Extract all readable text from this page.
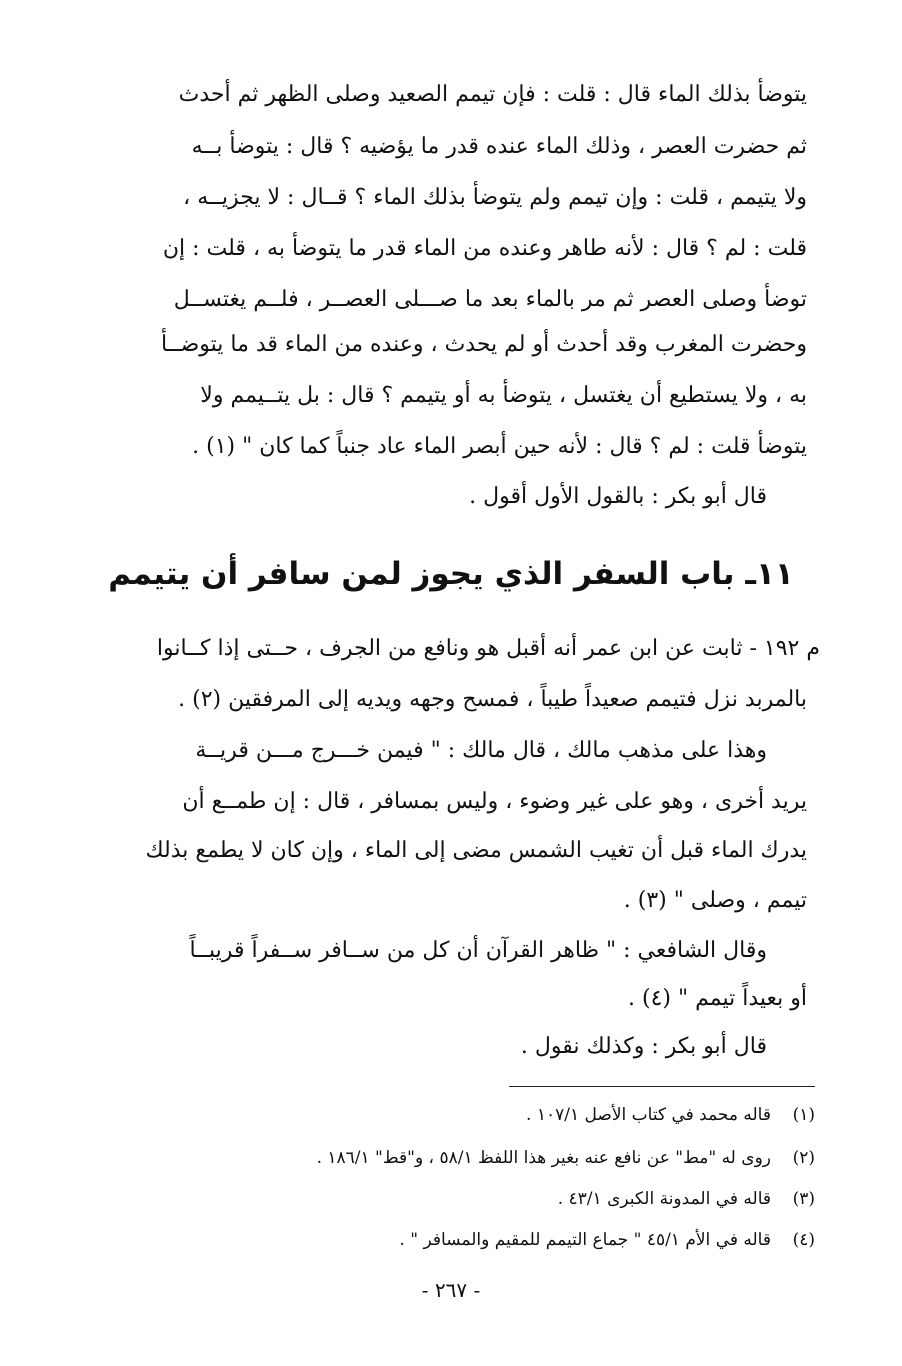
يتوضأ بذلك الماء قال : قلت : فإن تيمم الصعيد وصلى الظهر ثم أحدث
ثم حضرت العصر ، وذلك الماء عنده قدر ما يؤضيه ؟ قال : يتوضأ بــه
ولا يتيمم ، قلت : وإن تيمم ولم يتوضأ بذلك الماء ؟ قــال : لا يجزيــه ،
قلت : لم ؟ قال : لأنه طاهر وعنده من الماء قدر ما يتوضأ به ، قلت : إن
توضأ وصلى العصر ثم مر بالماء بعد ما صـــلى العصــر ، فلــم يغتســل
وحضرت المغرب وقد أحدث أو لم يحدث ، وعنده من الماء قد ما يتوضــأ
به ، ولا يستطيع أن يغتسل ، يتوضأ به أو يتيمم ؟ قال : بل يتــيمم ولا
يتوضأ قلت : لم ؟ قال : لأنه حين أبصر الماء عاد جنباً كما كان " (١) .
قال أبو بكر : بالقول الأول أقول .
١١ـ باب السفر الذي يجوز لمن سافر أن يتيمم
م ١٩٢ - ثابت عن ابن عمر أنه أقبل هو ونافع من الجرف ، حــتى إذا كــانوا
بالمربد نزل فتيمم صعيداً طيباً ، فمسح وجهه ويديه إلى المرفقين (٢) .
وهذا على مذهب مالك ، قال مالك : " فيمن خـــرج مـــن قريــة
يريد أخرى ، وهو على غير وضوء ، وليس بمسافر ، قال : إن طمــع أن
يدرك الماء قبل أن تغيب الشمس مضى إلى الماء ، وإن كان لا يطمع بذلك
تيمم ، وصلى " (٣) .
وقال الشافعي : " ظاهر القرآن أن كل من ســافر ســفراً قريبــاً
أو بعيداً تيمم " (٤) .
قال أبو بكر : وكذلك نقول .
(١)قاله محمد في كتاب الأصل ١٠٧/١ .
(٢)روى له "مط" عن نافع عنه بغير هذا اللفظ ٥٨/١ ، و"قط" ١٨٦/١ .
(٣)قاله في المدونة الكبرى ٤٣/١ .
(٤)قاله في الأم ٤٥/١ " جماع التيمم للمقيم والمسافر " .
- ٢٦٧ -
